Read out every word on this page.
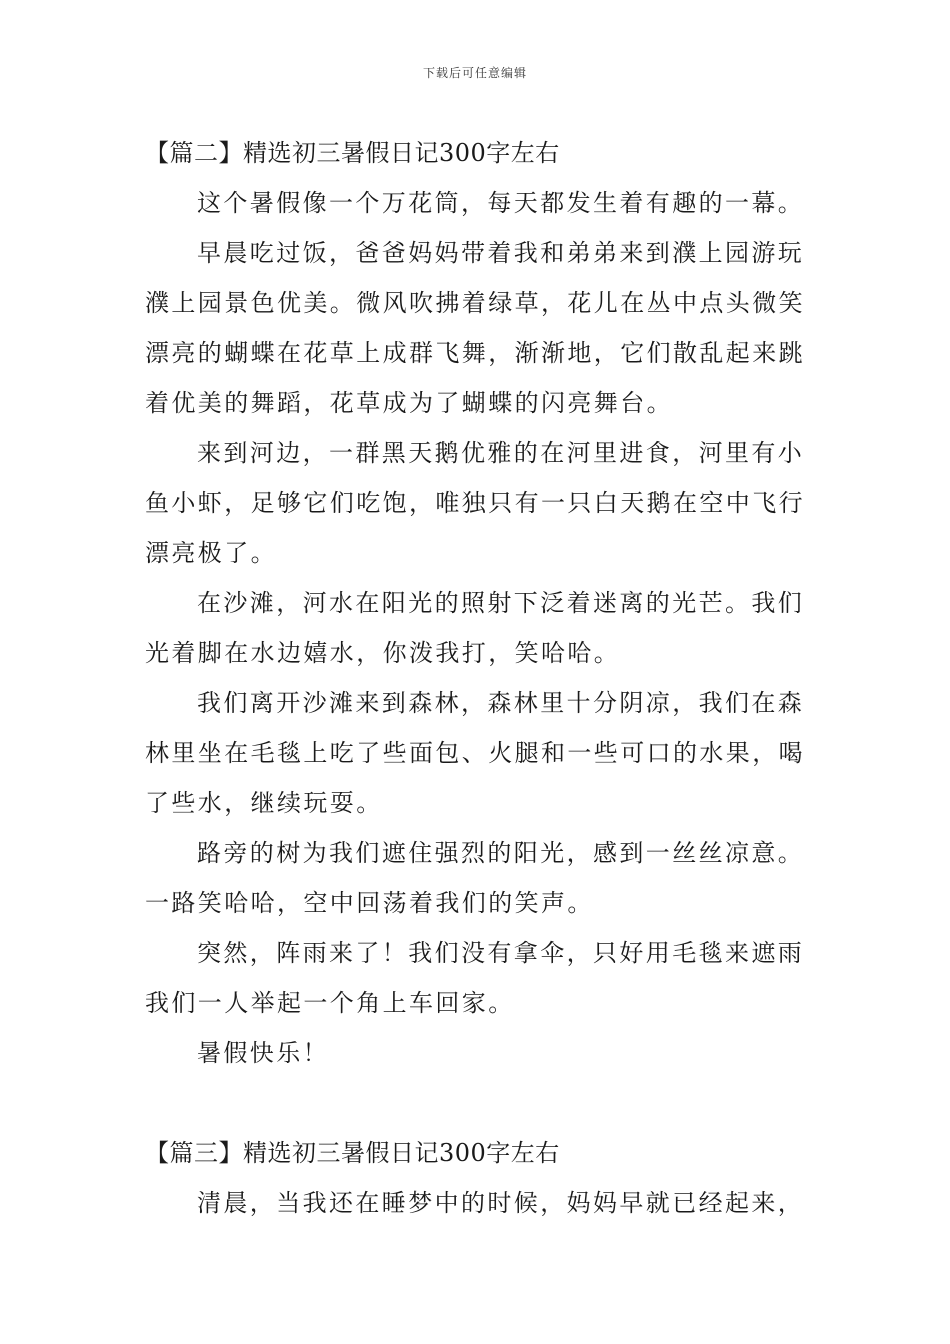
下载后可任意编辑

【篇二】精选初三暑假日记300字左右

这个暑假像一个万花筒，每天都发生着有趣的一幕。

早晨吃过饭，爸爸妈妈带着我和弟弟来到濮上园游玩濮上园景色优美。微风吹拂着绿草，花儿在丛中点头微笑漂亮的蝴蝶在花草上成群飞舞，渐渐地，它们散乱起来跳着优美的舞蹈，花草成为了蝴蝶的闪亮舞台。

来到河边，一群黑天鹅优雅的在河里进食，河里有小鱼小虾，足够它们吃饱，唯独只有一只白天鹅在空中飞行漂亮极了。

在沙滩，河水在阳光的照射下泛着迷离的光芒。我们光着脚在水边嬉水，你泼我打，笑哈哈。

我们离开沙滩来到森林，森林里十分阴凉，我们在森林里坐在毛毯上吃了些面包、火腿和一些可口的水果，喝了些水，继续玩耍。

路旁的树为我们遮住强烈的阳光，感到一丝丝凉意。一路笑哈哈，空中回荡着我们的笑声。

突然，阵雨来了！我们没有拿伞，只好用毛毯来遮雨我们一人举起一个角上车回家。

暑假快乐！

【篇三】精选初三暑假日记300字左右

清晨，当我还在睡梦中的时候，妈妈早就已经起来，
